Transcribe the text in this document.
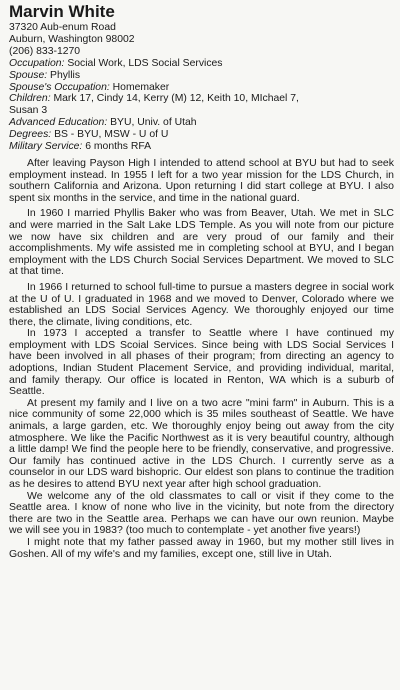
Marvin White

37320 Aub-enum Road

Auburn, Washington 98002

(206) 833-1270

Occupation: Social Work, LDS Social Services

Spouse: Phyllis

Spouse's Occupation: Homemaker

Children: Mark 17, Cindy 14, Kerry (M) 12, Keith 10, MIchael 7,

Susan 3

Advanced Education: BYU, Univ. of Utah

Degrees: BS - BYU, MSW - U of U

Military Service: 6 months RFA

After leaving Payson High I intended to attend school at BYU but had to seek employment instead. In 1955 I left for a two year mission for the LDS Church, in southern California and Arizona. Upon returning I did start college at BYU. I also spent six months in the service, and time in the national guard.

In 1960 I married Phyllis Baker who was from Beaver, Utah. We met in SLC and were married in the Salt Lake LDS Temple. As you will note from our picture we now have six children and are very proud of our family and their accomplishments. My wife assisted me in completing school at BYU, and I began employment with the LDS Church Social Services Department. We moved to SLC at that time.

In 1966 I returned to school full-time to pursue a masters degree in social work at the U of U. I graduated in 1968 and we moved to Denver, Colorado where we established an LDS Social Services Agency. We thoroughly enjoyed our time there, the climate, living conditions, etc.

In 1973 I accepted a transfer to Seattle where I have continued my employment with LDS Scoial Services. Since being with LDS Social Services I have been involved in all phases of their program; from directing an agency to adoptions, Indian Student Placement Service, and providing individual, marital, and family therapy. Our office is located in Renton, WA which is a suburb of Seattle.

At present my family and I live on a two acre "mini farm" in Auburn. This is a nice community of some 22,000 which is 35 miles southeast of Seattle. We have animals, a large garden, etc. We thoroughly enjoy being out away from the city atmosphere. We like the Pacific Northwest as it is very beautiful country, although a little damp! We find the people here to be friendly, conservative, and progressive. Our family has continued active in the LDS Church. I currently serve as a counselor in our LDS ward bishopric. Our eldest son plans to continue the tradition as he desires to attend BYU next year after high school graduation.

We welcome any of the old classmates to call or visit if they come to the Seattle area. I know of none who live in the vicinity, but note from the directory there are two in the Seattle area. Perhaps we can have our own reunion. Maybe we will see you in 1983? (too much to contemplate - yet another five years!)

I might note that my father passed away in 1960, but my mother still lives in Goshen. All of my wife's and my families, except one, still live in Utah.
